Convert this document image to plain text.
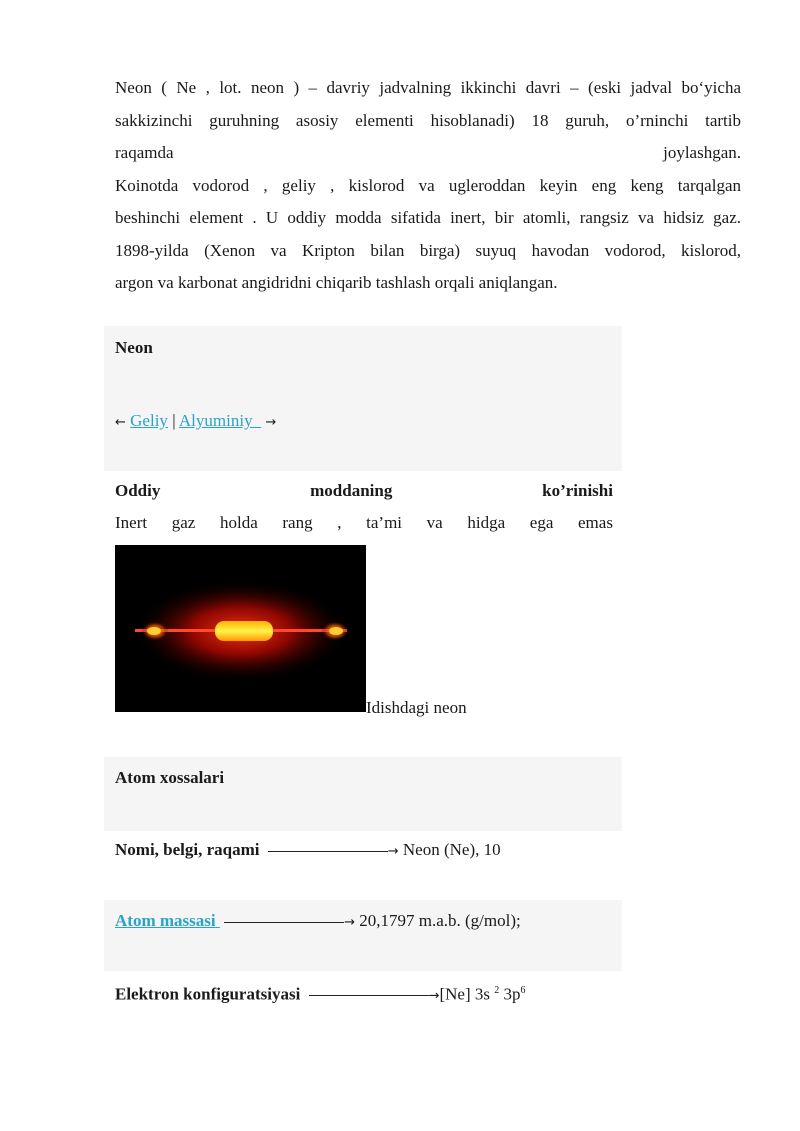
Neon ( Ne , lot. neon ) – davriy jadvalning ikkinchi davri – (eski jadval bo‘yicha

sakkizinchi guruhning asosiy elementi hisoblanadi) 18 guruh, o’rninchi tartib

raqamda	joylashgan.

Koinotda vodorod , geliy , kislorod va ugleroddan keyin eng keng tarqalgan

beshinchi element . U oddiy modda sifatida inert, bir atomli, rangsiz va hidsiz gaz.

1898-yilda (Xenon va Kripton bilan birga) suyuq havodan vodorod, kislorod,

argon va karbonat angidridni chiqarib tashlash orqali aniqlangan.

Neon
← Geliy | Alyuminiy →
Oddiy	moddaning	ko’rinishi
Inert gaz holda rang , ta’mi va hidga ega emas
Idishdagi neon
Atom xossalari
Nomi, belgi, raqami	→ Neon (Ne), 10
Atom massasi	→ 20,1797 m.a.b. (g/mol);
Elektron konfiguratsiyasi	→[Ne] 3s $^2$ $3p^6$
